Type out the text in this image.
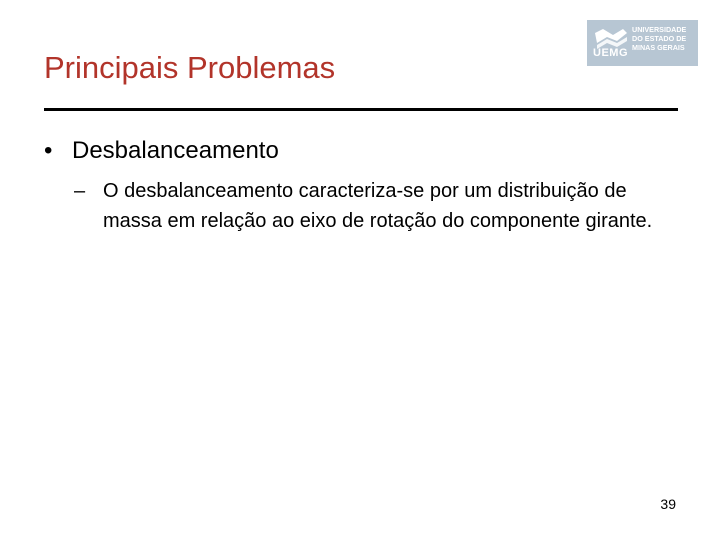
Principais Problemas	UEMG
UNIVERSIDADE
DO ESTADO DE
MINAS GERAIS
• Desbalanceamento
– O desbalanceamento caracteriza-se por um distribuição de massa em relação ao eixo de rotação do componente girante.
39
